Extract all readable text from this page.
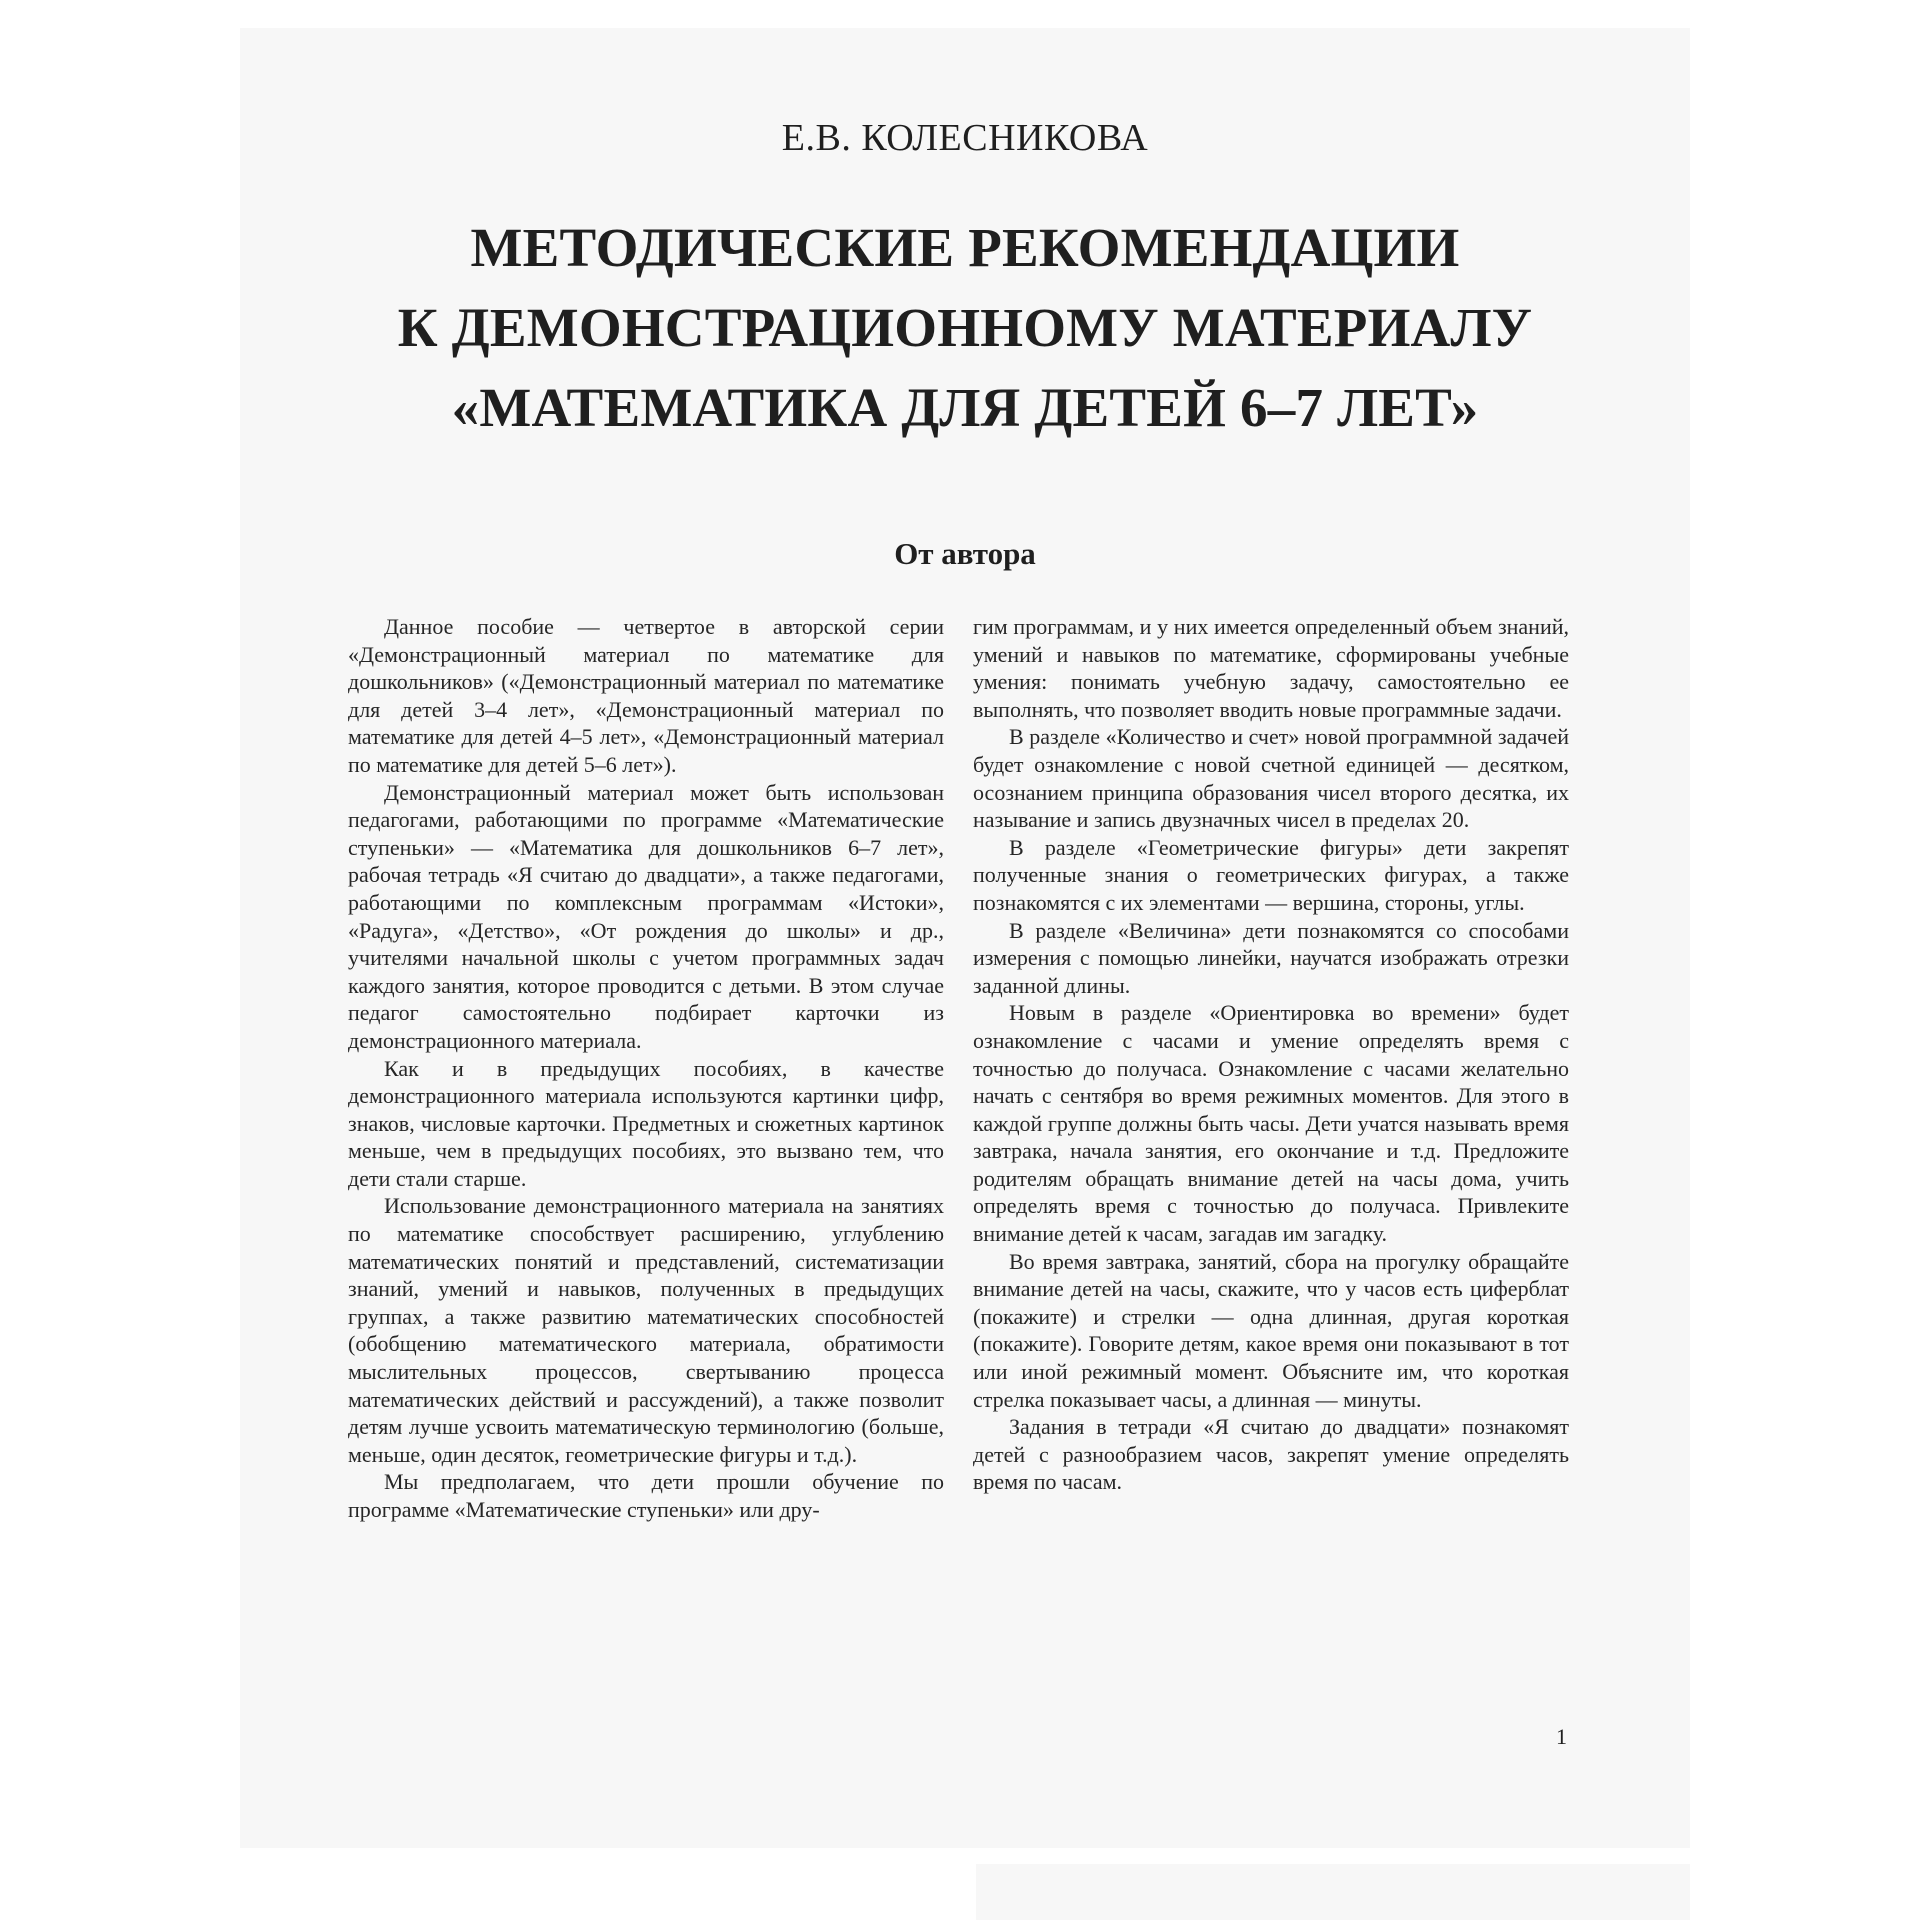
Е.В. КОЛЕСНИКОВА
МЕТОДИЧЕСКИЕ РЕКОМЕНДАЦИИ
К ДЕМОНСТРАЦИОННОМУ МАТЕРИАЛУ
«МАТЕМАТИКА ДЛЯ ДЕТЕЙ 6–7 ЛЕТ»
От автора

Данное пособие — четвертое в авторской серии «Демонстрационный материал по математике для дошкольников» («Демонстрационный материал по математике для детей 3–4 лет», «Демонстрационный материал по математике для детей 4–5 лет», «Демонстрационный материал по математике для детей 5–6 лет»).

Демонстрационный материал может быть использован педагогами, работающими по программе «Математические ступеньки» — «Математика для дошкольников 6–7 лет», рабочая тетрадь «Я считаю до двадцати», а также педагогами, работающими по комплексным программам «Истоки», «Радуга», «Детство», «От рождения до школы» и др., учителями начальной школы с учетом программных задач каждого занятия, которое проводится с детьми. В этом случае педагог самостоятельно подбирает карточки из демонстрационного материала.

Как и в предыдущих пособиях, в качестве демонстрационного материала используются картинки цифр, знаков, числовые карточки. Предметных и сюжетных картинок меньше, чем в предыдущих пособиях, это вызвано тем, что дети стали старше.

Использование демонстрационного материала на занятиях по математике способствует расширению, углублению математических понятий и представлений, систематизации знаний, умений и навыков, полученных в предыдущих группах, а также развитию математических способностей (обобщению математического материала, обратимости мыслительных процессов, свертыванию процесса математических действий и рассуждений), а также позволит детям лучше усвоить математическую терминологию (больше, меньше, один десяток, геометрические фигуры и т.д.).

Мы предполагаем, что дети прошли обучение по программе «Математические ступеньки» или дру-

гим программам, и у них имеется определенный объем знаний, умений и навыков по математике, сформированы учебные умения: понимать учебную задачу, самостоятельно ее выполнять, что позволяет вводить новые программные задачи.

В разделе «Количество и счет» новой программной задачей будет ознакомление с новой счетной единицей — десятком, осознанием принципа образования чисел второго десятка, их называние и запись двузначных чисел в пределах 20.

В разделе «Геометрические фигуры» дети закрепят полученные знания о геометрических фигурах, а также познакомятся с их элементами — вершина, стороны, углы.

В разделе «Величина» дети познакомятся со способами измерения с помощью линейки, научатся изображать отрезки заданной длины.

Новым в разделе «Ориентировка во времени» будет ознакомление с часами и умение определять время с точностью до получаса. Ознакомление с часами желательно начать с сентября во время режимных моментов. Для этого в каждой группе должны быть часы. Дети учатся называть время завтрака, начала занятия, его окончание и т.д. Предложите родителям обращать внимание детей на часы дома, учить определять время с точностью до получаса. Привлеките внимание детей к часам, загадав им загадку.

Во время завтрака, занятий, сбора на прогулку обращайте внимание детей на часы, скажите, что у часов есть циферблат (покажите) и стрелки — одна длинная, другая короткая (покажите). Говорите детям, какое время они показывают в тот или иной режимный момент. Объясните им, что короткая стрелка показывает часы, а длинная — минуты.

Задания в тетради «Я считаю до двадцати» познакомят детей с разнообразием часов, закрепят умение определять время по часам.

1
